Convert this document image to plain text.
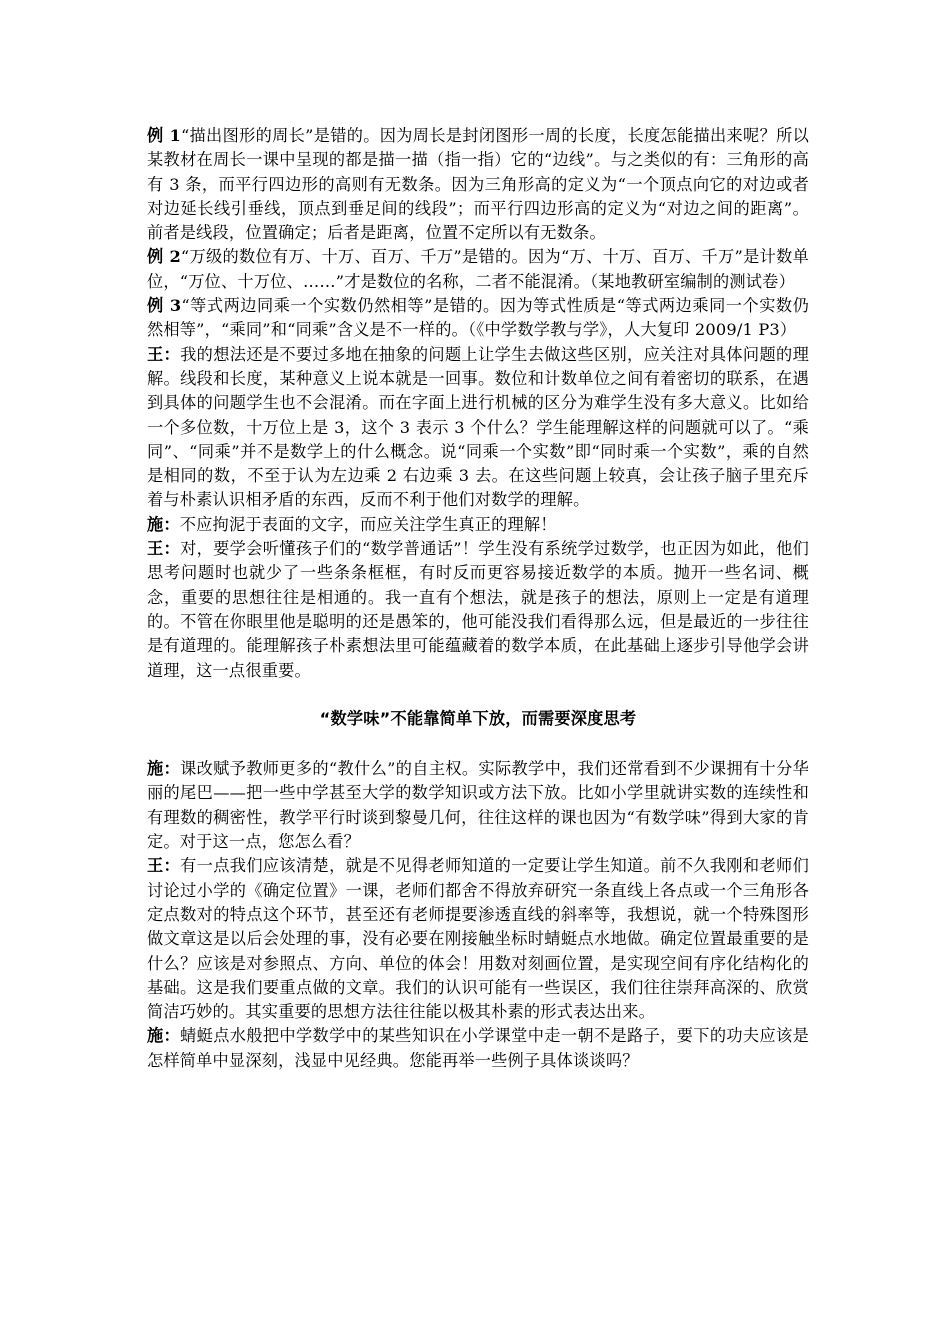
例 1“描出图形的周长”是错的。因为周长是封闭图形一周的长度，长度怎能描出来呢？所以某教材在周长一课中呈现的都是描一描（指一指）它的“边线”。与之类似的有：三角形的高有 3 条，而平行四边形的高则有无数条。因为三角形高的定义为“一个顶点向它的对边或者对边延长线引垂线，顶点到垂足间的线段”；而平行四边形高的定义为“对边之间的距离”。前者是线段，位置确定；后者是距离，位置不定所以有无数条。

例 2“万级的数位有万、十万、百万、千万”是错的。因为“万、十万、百万、千万”是计数单位，“万位、十万位、……”才是数位的名称，二者不能混淆。（某地教研室编制的测试卷）

例 3“等式两边同乘一个实数仍然相等”是错的。因为等式性质是“等式两边乘同一个实数仍然相等”，“乘同”和“同乘”含义是不一样的。（《中学数学教与学》，人大复印 2009/1 P3）

王：我的想法还是不要过多地在抽象的问题上让学生去做这些区别，应关注对具体问题的理解。线段和长度，某种意义上说本就是一回事。数位和计数单位之间有着密切的联系，在遇到具体的问题学生也不会混淆。而在字面上进行机械的区分为难学生没有多大意义。比如给一个多位数，十万位上是 3，这个 3 表示 3 个什么？学生能理解这样的问题就可以了。“乘同”、“同乘”并不是数学上的什么概念。说“同乘一个实数”即“同时乘一个实数”，乘的自然是相同的数，不至于认为左边乘 2 右边乘 3 去。在这些问题上较真，会让孩子脑子里充斥着与朴素认识相矛盾的东西，反而不利于他们对数学的理解。

施：不应拘泥于表面的文字，而应关注学生真正的理解！

王：对，要学会听懂孩子们的“数学普通话”！学生没有系统学过数学，也正因为如此，他们思考问题时也就少了一些条条框框，有时反而更容易接近数学的本质。抛开一些名词、概念，重要的思想往往是相通的。我一直有个想法，就是孩子的想法，原则上一定是有道理的。不管在你眼里他是聪明的还是愚笨的，他可能没我们看得那么远，但是最近的一步往往是有道理的。能理解孩子朴素想法里可能蕴藏着的数学本质，在此基础上逐步引导他学会讲道理，这一点很重要。

“数学味”不能靠简单下放，而需要深度思考

施：课改赋予教师更多的“教什么”的自主权。实际教学中，我们还常看到不少课拥有十分华丽的尾巴——把一些中学甚至大学的数学知识或方法下放。比如小学里就讲实数的连续性和有理数的稠密性，教学平行时谈到黎曼几何，往往这样的课也因为“有数学味”得到大家的肯定。对于这一点，您怎么看？

王：有一点我们应该清楚，就是不见得老师知道的一定要让学生知道。前不久我刚和老师们讨论过小学的《确定位置》一课，老师们都舍不得放弃研究一条直线上各点或一个三角形各定点数对的特点这个环节，甚至还有老师提要渗透直线的斜率等，我想说，就一个特殊图形做文章这是以后会处理的事，没有必要在刚接触坐标时蜻蜓点水地做。确定位置最重要的是什么？应该是对参照点、方向、单位的体会！用数对刻画位置，是实现空间有序化结构化的基础。这是我们要重点做的文章。我们的认识可能有一些误区，我们往往崇拜高深的、欣赏简洁巧妙的。其实重要的思想方法往往能以极其朴素的形式表达出来。

施：蜻蜓点水般把中学数学中的某些知识在小学课堂中走一朝不是路子，要下的功夫应该是怎样简单中显深刻，浅显中见经典。您能再举一些例子具体谈谈吗？
